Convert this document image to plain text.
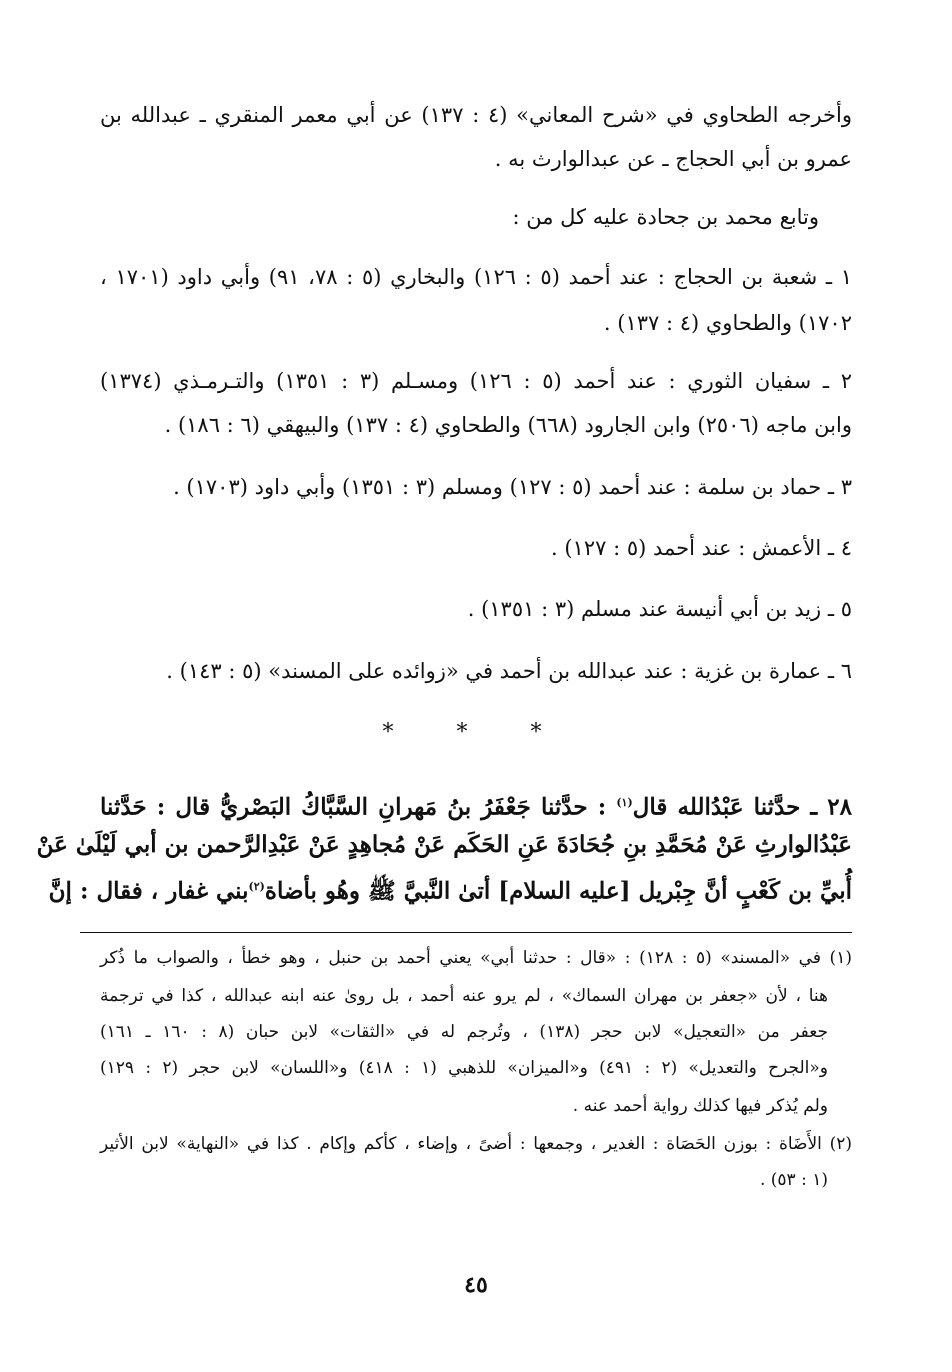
وأخرجه الطحاوي في «شرح المعاني» (٤ : ١٣٧) عن أبي معمر المنقري ـ عبدالله بن
عمرو بن أبي الحجاج ـ عن عبدالوارث به .
وتابع محمد بن جحادة عليه كل من :
١ ـ شعبة بن الحجاج : عند أحمد (٥ : ١٢٦) والبخاري (٥ : ٧٨، ٩١) وأبي داود (١٧٠١ ،
١٧٠٢) والطحاوي (٤ : ١٣٧) .
٢ ـ سفيان الثوري : عند أحمد (٥ : ١٢٦) ومسـلم (٣ : ١٣٥١) والتـرمـذي (١٣٧٤)
وابن ماجه (٢٥٠٦) وابن الجارود (٦٦٨) والطحاوي (٤ : ١٣٧) والبيهقي (٦ : ١٨٦) .
٣ ـ حماد بن سلمة : عند أحمد (٥ : ١٢٧) ومسلم (٣ : ١٣٥١) وأبي داود (١٧٠٣) .
٤ ـ الأعمش : عند أحمد (٥ : ١٢٧) .
٥ ـ زيد بن أبي أنيسة عند مسلم (٣ : ١٣٥١) .
٦ ـ عمارة بن غزية : عند عبدالله بن أحمد في «زوائده على المسند» (٥ : ١٤٣) .
* * *
٢٨ ـ حدَّثنا عَبْدُالله قال$^{(١)}$ : حدَّثنا جَعْفَرُ بنُ مَهرانِ السَّبَّاكُ البَصْريُّ قال : حَدَّثنا
عَبْدُالوارثِ عَنْ مُحَمَّدِ بنِ جُحَادَةَ عَنِ الحَكَم عَنْ مُجاهِدٍ عَنْ عَبْدِالرَّحمن بن أبي لَيْلَىٰ عَنْ
أُبيِّ بن كَعْبٍ أنَّ جِبْريل [عليه السلام] أتىٰ النَّبيَّ ﷺ وهُو بأضاة$^{(٢)}$بني غفار ، فقال : إنَّ
(١) في «المسند» (٥ : ١٢٨) : «قال : حدثنا أبي» يعني أحمد بن حنبل ، وهو خطأ ، والصواب ما ذُكر
هنا ، لأن «جعفر بن مهران السماك» ، لم يرو عنه أحمد ، بل روىٰ عنه ابنه عبدالله ، كذا في ترجمة
جعفر من «التعجيل» لابن حجر (١٣٨) ، وتُرجم له في «الثقات» لابن حبان (٨ : ١٦٠ ـ ١٦١)
و«الجرح والتعديل» (٢ : ٤٩١) و«الميزان» للذهبي (١ : ٤١٨) و«اللسان» لابن حجر (٢ : ١٢٩)
ولم يُذكر فيها كذلك رواية أحمد عنه .
(٢) الأَضَاة : بوزن الحَصَاة : الغدير ، وجمعها : أضىً ، وإضاء ، كأكم وإكام . كذا في «النهاية» لابن الأثير
(١ : ٥٣) .
٤٥
